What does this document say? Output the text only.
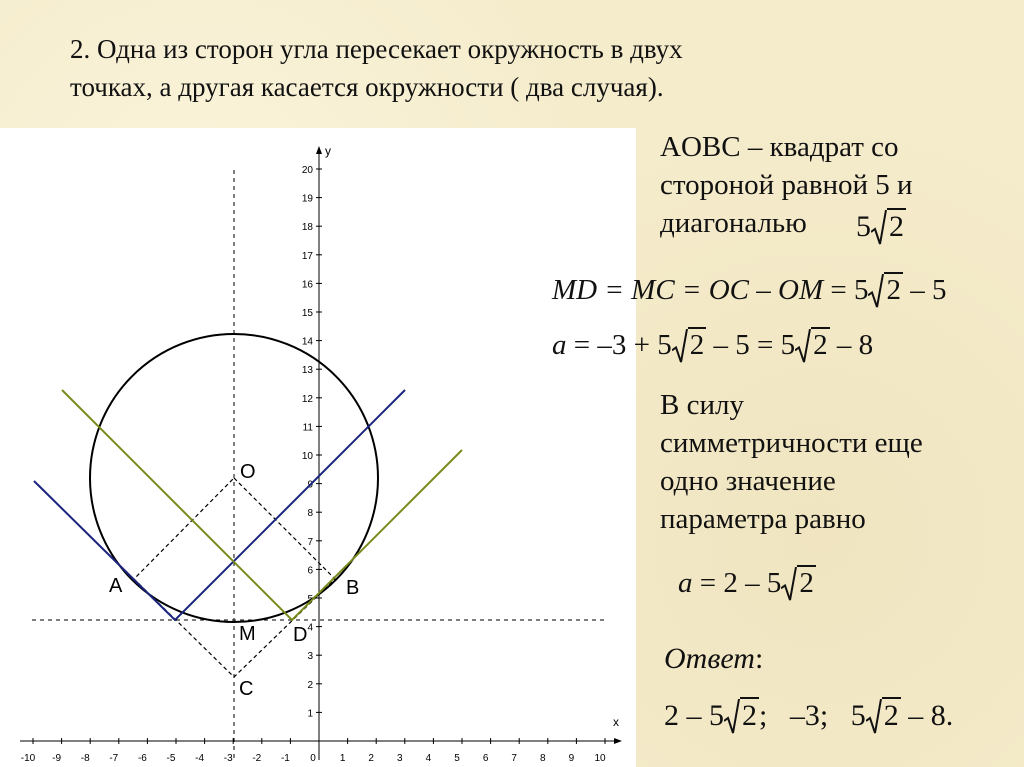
2. Одна из сторон угла пересекает окружность в двух
точках, а другая касается окружности ( два случая).
-10 -9 -8 -7 -6 -5 -4 -3 -2 -1 0 1 2 3 4 5 6 7 8 9 10
1
2
3
4
5
6
7
8
9
10
11
12
13
14
15
16
17
18
19
20
x
y
O
A	B
M D
C
AOBC – квадрат со
стороной равной 5 и
диагональю	5 2
MD = MC = OC – OM = 5 2 – 5
a = –3 + 5 2 – 5 = 5 2 – 8
В силу
симметричности еще
одно значение
параметра равно
a = 2 – 5 2
Ответ:
2 – 5 2; –3; 5 2 – 8.
